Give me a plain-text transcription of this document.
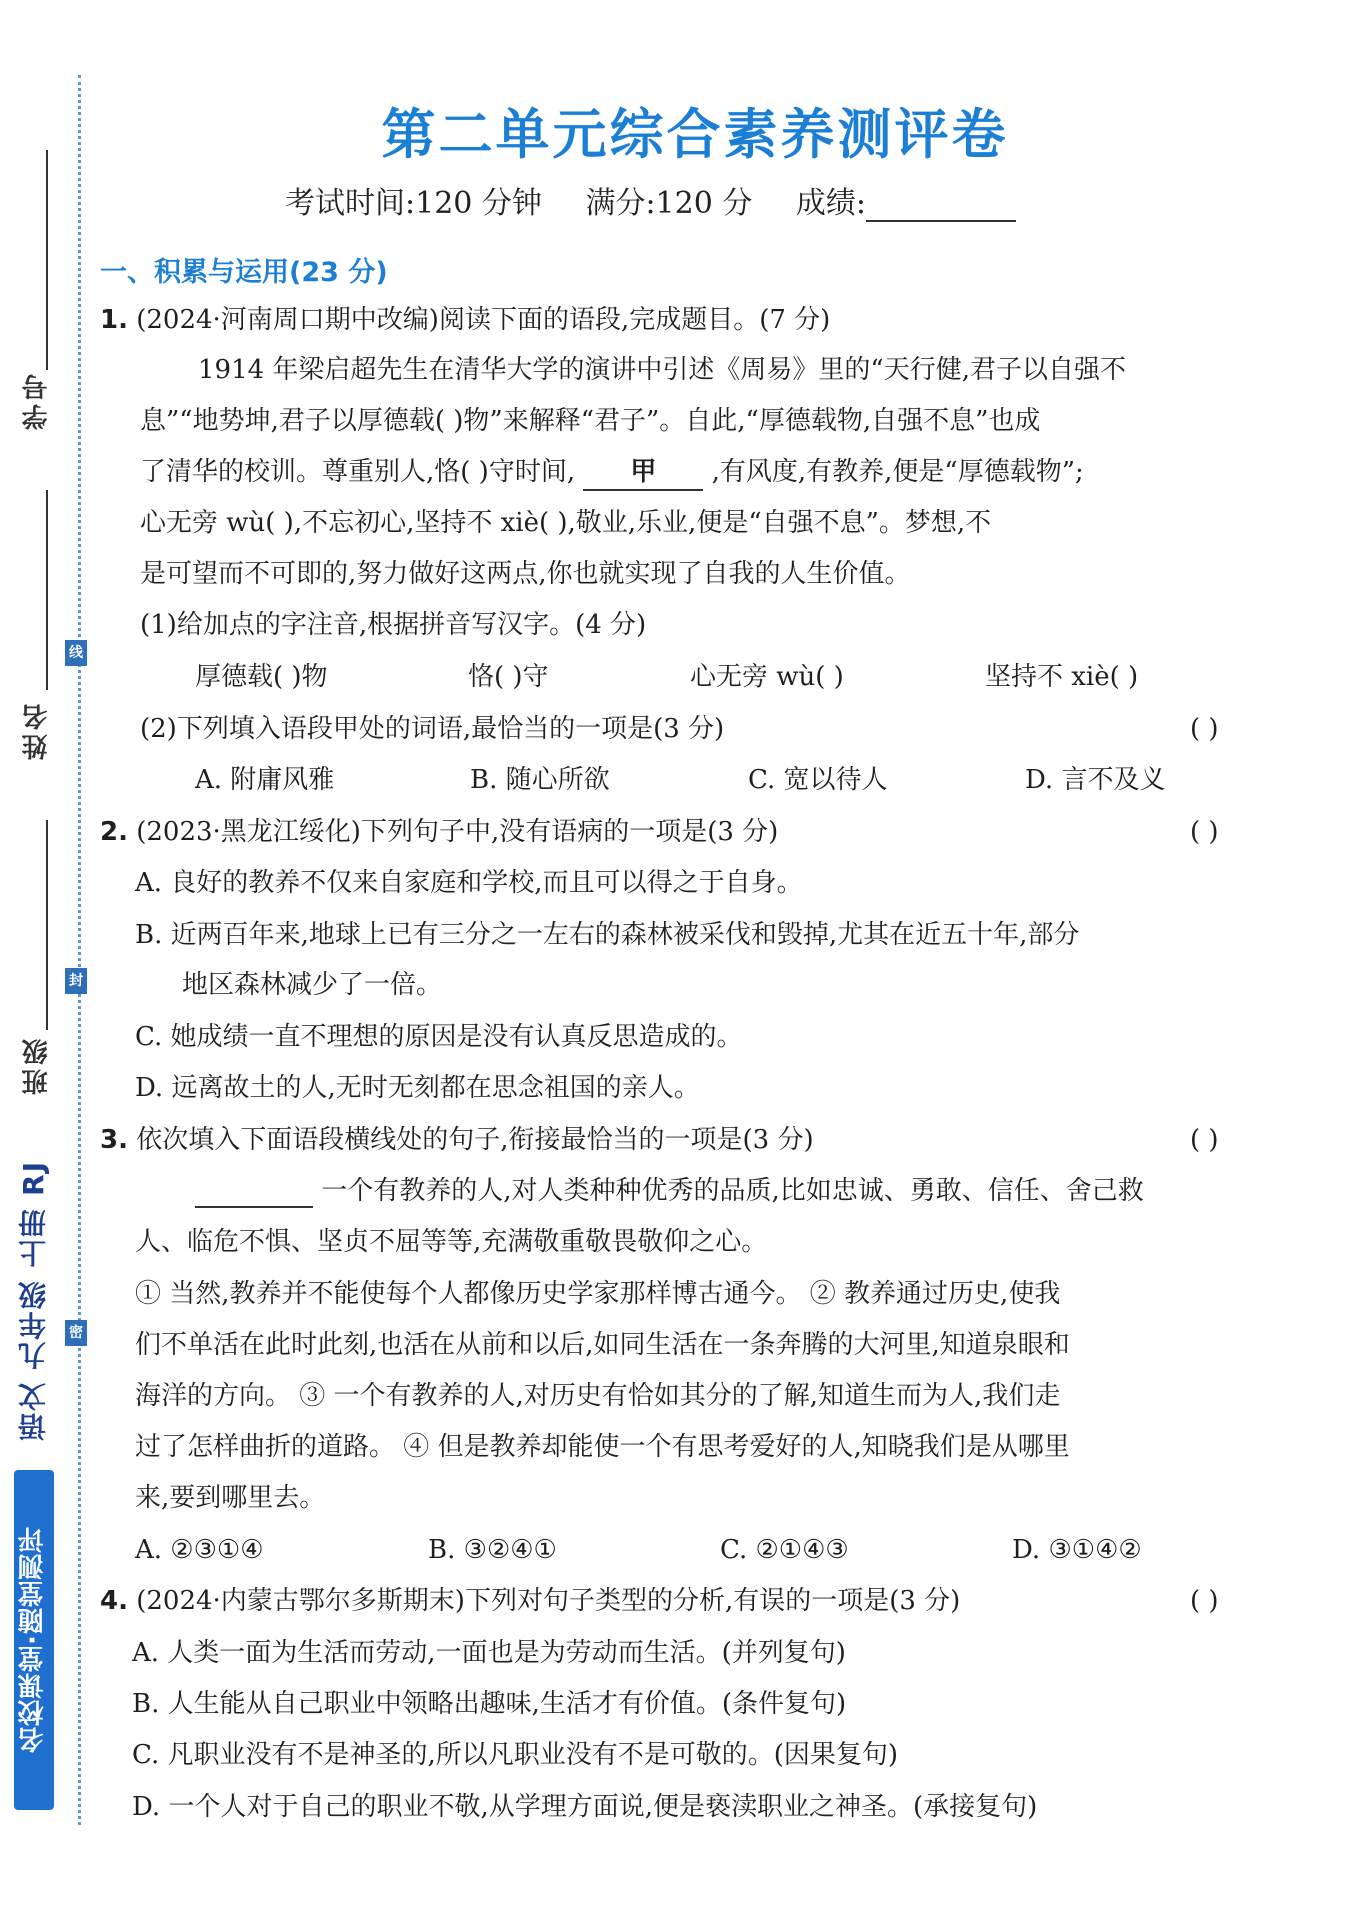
学号
线
姓名
封
班级
密
语文 九年级 上册 RJ
名校课堂·随堂测评
第二单元综合素养测评卷
考试时间:120 分钟 满分:120 分 成绩:
一、积累与运用(23 分)
1. (2024·河南周口期中改编)阅读下面的语段,完成题目。(7 分)
1914 年梁启超先生在清华大学的演讲中引述《周易》里的“天行健,君子以自强不
息”“地势坤,君子以厚德载( )物”来解释“君子”。自此,“厚德载物,自强不息”也成
了清华的校训。尊重别人,恪( )守时间, 甲 ,有风度,有教养,便是“厚德载物”;
心无旁 wù( ),不忘初心,坚持不 xiè( ),敬业,乐业,便是“自强不息”。梦想,不
是可望而不可即的,努力做好这两点,你也就实现了自我的人生价值。
(1)给加点的字注音,根据拼音写汉字。(4 分)
厚德载( )物	恪( )守	心无旁 wù( )	坚持不 xiè( )
(2)下列填入语段甲处的词语,最恰当的一项是(3 分)	( )
A. 附庸风雅	B. 随心所欲	C. 宽以待人	D. 言不及义
2. (2023·黑龙江绥化)下列句子中,没有语病的一项是(3 分)	( )
A. 良好的教养不仅来自家庭和学校,而且可以得之于自身。
B. 近两百年来,地球上已有三分之一左右的森林被采伐和毁掉,尤其在近五十年,部分
地区森林减少了一倍。
C. 她成绩一直不理想的原因是没有认真反思造成的。
D. 远离故土的人,无时无刻都在思念祖国的亲人。
3. 依次填入下面语段横线处的句子,衔接最恰当的一项是(3 分)	( )
一个有教养的人,对人类种种优秀的品质,比如忠诚、勇敢、信任、舍己救
人、临危不惧、坚贞不屈等等,充满敬重敬畏敬仰之心。
① 当然,教养并不能使每个人都像历史学家那样博古通今。 ② 教养通过历史,使我
们不单活在此时此刻,也活在从前和以后,如同生活在一条奔腾的大河里,知道泉眼和
海洋的方向。 ③ 一个有教养的人,对历史有恰如其分的了解,知道生而为人,我们走
过了怎样曲折的道路。 ④ 但是教养却能使一个有思考爱好的人,知晓我们是从哪里
来,要到哪里去。
A. ②③①④	B. ③②④①	C. ②①④③	D. ③①④②
4. (2024·内蒙古鄂尔多斯期末)下列对句子类型的分析,有误的一项是(3 分)	( )
A. 人类一面为生活而劳动,一面也是为劳动而生活。(并列复句)
B. 人生能从自己职业中领略出趣味,生活才有价值。(条件复句)
C. 凡职业没有不是神圣的,所以凡职业没有不是可敬的。(因果复句)
D. 一个人对于自己的职业不敬,从学理方面说,便是亵渎职业之神圣。(承接复句)
